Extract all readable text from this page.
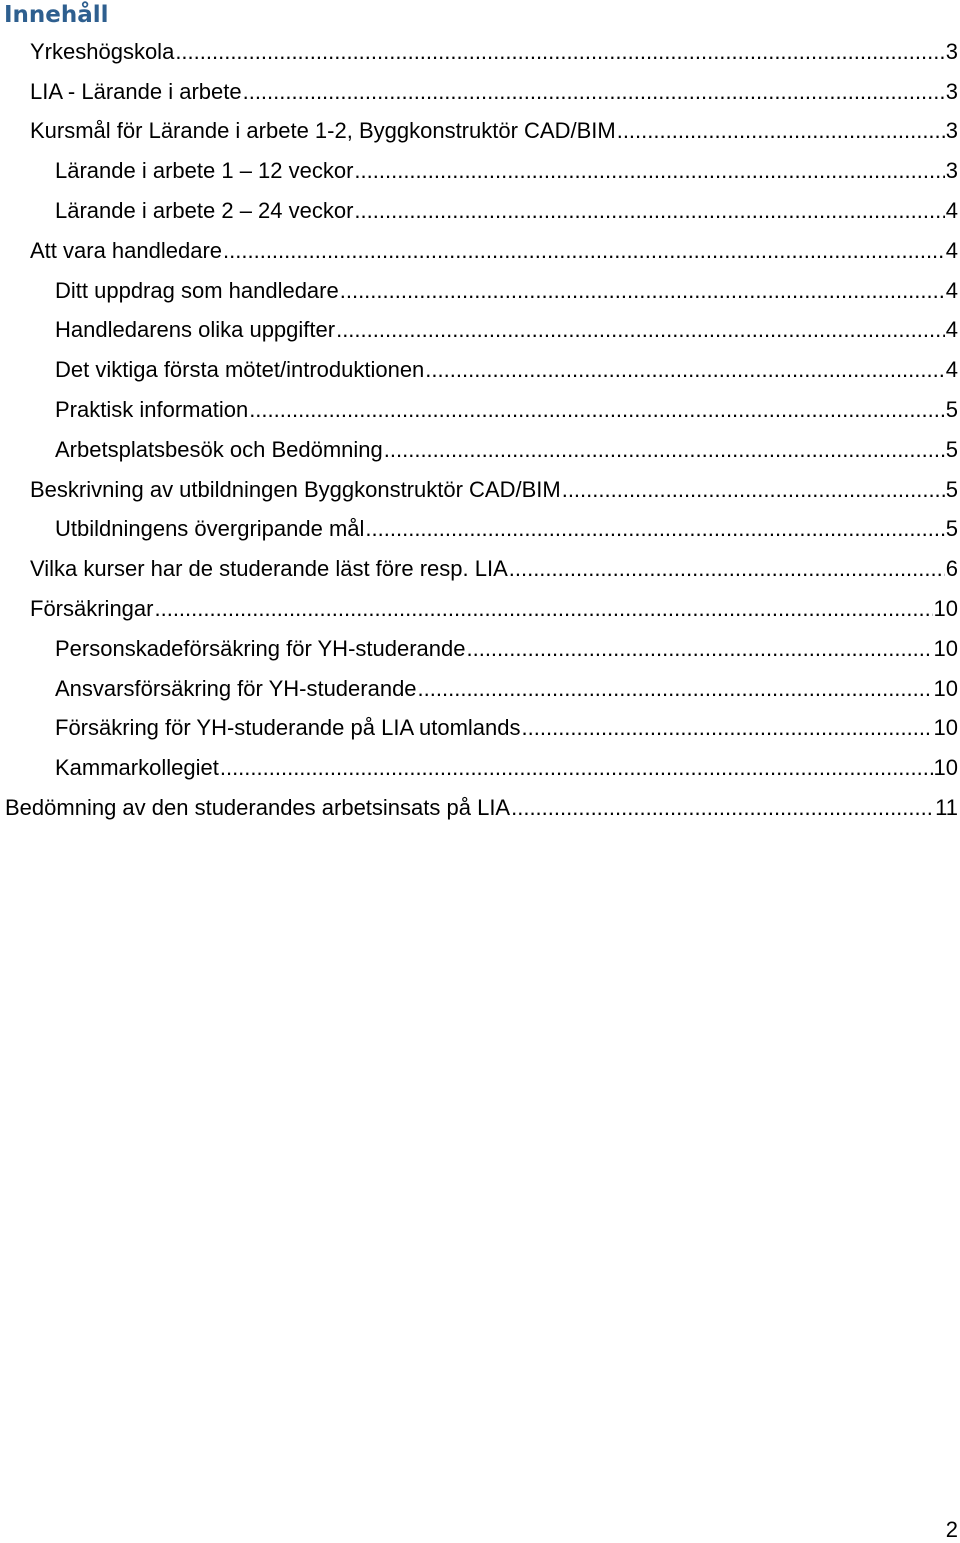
Innehåll
Yrkeshögskola .....	3
LIA - Lärande i arbete .....	3
Kursmål för Lärande i arbete 1-2, Byggkonstruktör CAD/BIM .....	3
Lärande i arbete 1 – 12 veckor .....	3
Lärande i arbete 2 – 24 veckor .....	4
Att vara handledare .....	4
Ditt uppdrag som handledare .....	4
Handledarens olika uppgifter .....	4
Det viktiga första mötet/introduktionen .....	4
Praktisk information .....	5
Arbetsplatsbesök och Bedömning .....	5
Beskrivning av utbildningen Byggkonstruktör CAD/BIM .....	5
Utbildningens övergripande mål .....	5
Vilka kurser har de studerande läst före resp. LIA .....	6
Försäkringar .....	10
Personskadeförsäkring för YH-studerande .....	10
Ansvarsförsäkring för YH-studerande .....	10
Försäkring för YH-studerande på LIA utomlands .....	10
Kammarkollegiet .....	10
Bedömning av den studerandes arbetsinsats på LIA .....	11
2
